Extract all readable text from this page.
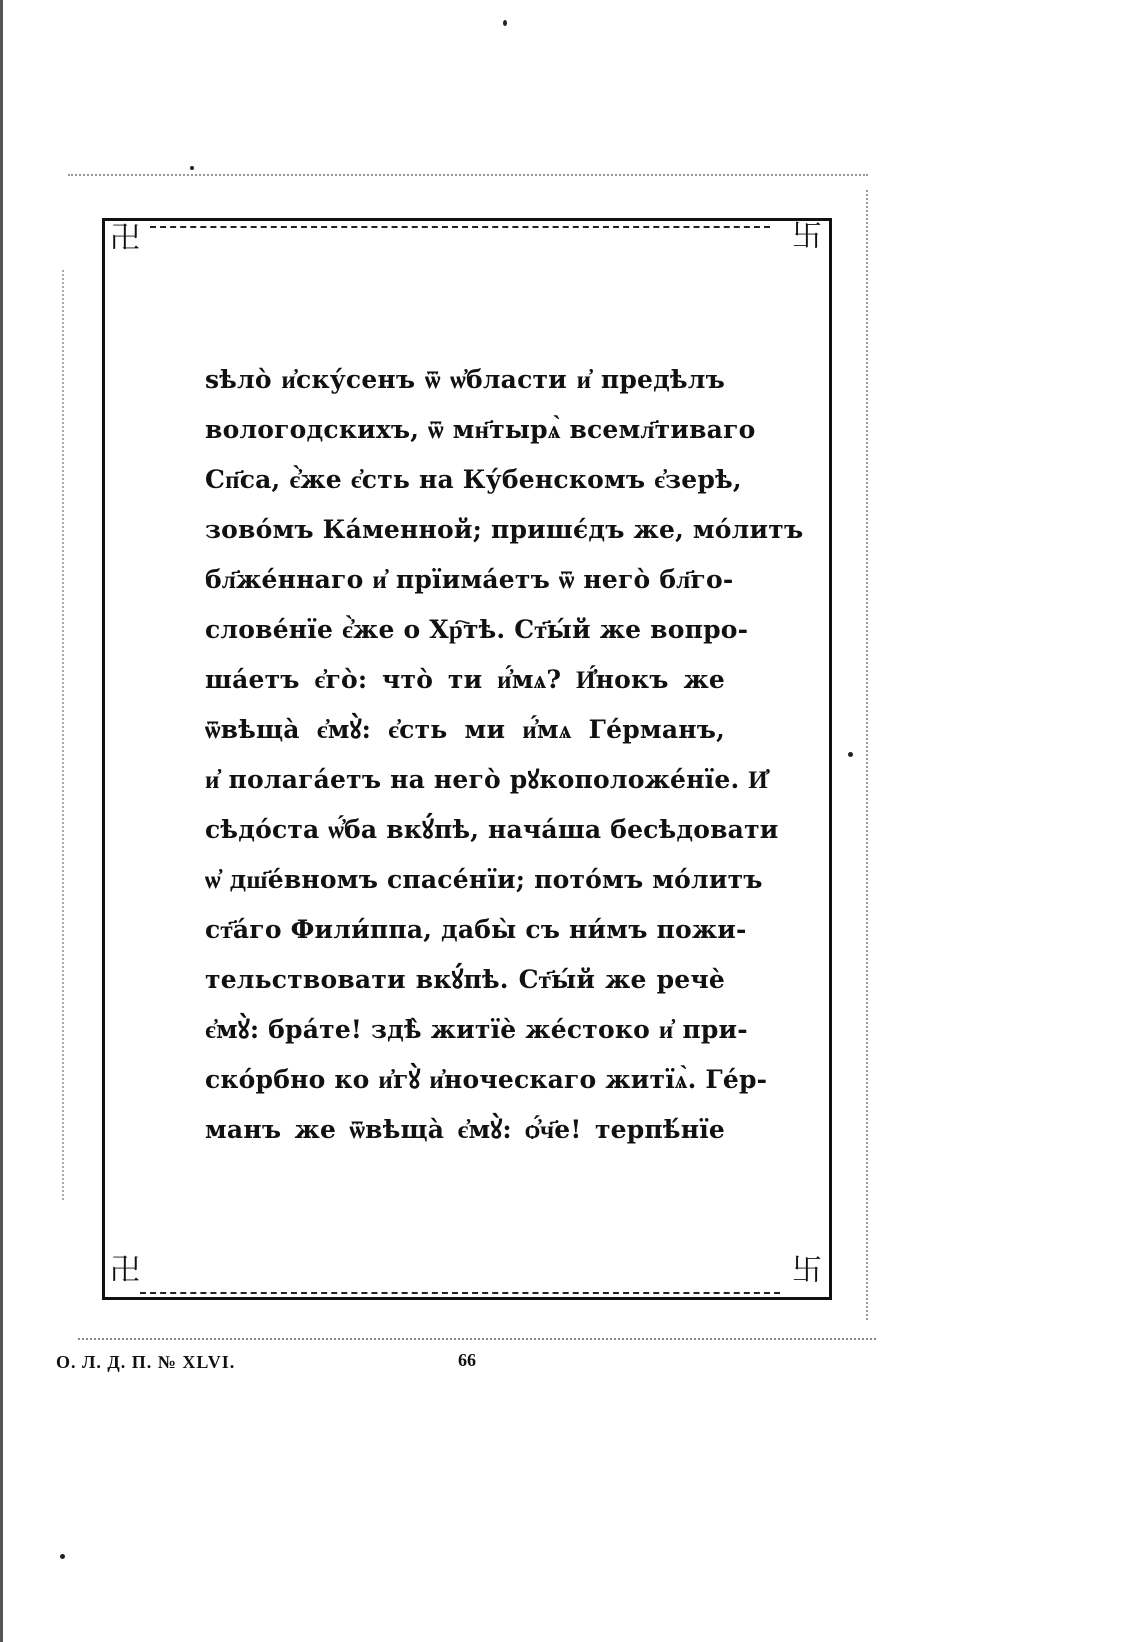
卍	卐
卍	卐
ѕѣло̀ и҆ску́сенъ ѿ ѡ҆бласти и҆ предѣлъ
вологодскихъ, ѿ мн҃тырѧ̀ всемл҃тиваго
Сп҃са, є҆̀же є҆сть на Ку́бенскомъ є҆зерѣ,
зово́мъ Ка́менной; пришє́дъ же, мо́литъ
бл҃же́ннаго и҆ прїима́етъ ѿ него̀ бл҃го-
слове́нїе є҆̀же о Хр҇тѣ. Ст҃ы́й же вопро-
ша́етъ є҆го̀: что̀ ти и҆́мѧ? И҆́нокъ же
ѿвѣща̀ є҆мꙋ̀: є҆сть ми и҆́мѧ Ге́рманъ,
и҆ полага́етъ на него̀ рꙋкоположе́нїе. И҆
сѣдо́ста ѡ҆́ба вкꙋ́пѣ, нача́ша бесѣдовати
ѡ҆ дш҃е́вномъ спасе́нїи; пото́мъ мо́литъ
ст҃а́го Фили́ппа, дабы̀ съ ни́мъ пожи-
тельствовати вкꙋ́пѣ. Ст҃ы́й же речѐ
є҆мꙋ̀: бра́те! здѣ̀ житїѐ же́стоко и҆ при-
ско́рбно ко и҆гꙋ̀ и҆ноческаго житїѧ̀. Ге́р-
манъ же ѿвѣща̀ є҆мꙋ̀: ѻ҆́ч҃е! терпѣ́нїе
О. Л. Д. П. № XLVI.	66
